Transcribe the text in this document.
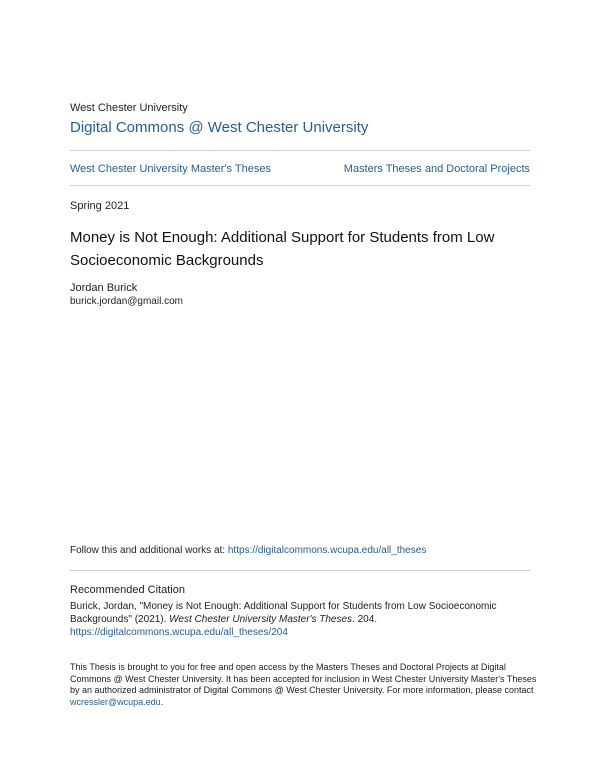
West Chester University
Digital Commons @ West Chester University
West Chester University Master's Theses	Masters Theses and Doctoral Projects
Spring 2021
Money is Not Enough: Additional Support for Students from Low
Socioeconomic Backgrounds
Jordan Burick
burick.jordan@gmail.com
Follow this and additional works at: https://digitalcommons.wcupa.edu/all_theses
Recommended Citation
Burick, Jordan, "Money is Not Enough: Additional Support for Students from Low Socioeconomic Backgrounds" (2021). West Chester University Master's Theses. 204.
https://digitalcommons.wcupa.edu/all_theses/204
This Thesis is brought to you for free and open access by the Masters Theses and Doctoral Projects at Digital Commons @ West Chester University. It has been accepted for inclusion in West Chester University Master's Theses by an authorized administrator of Digital Commons @ West Chester University. For more information, please contact wcressler@wcupa.edu.
